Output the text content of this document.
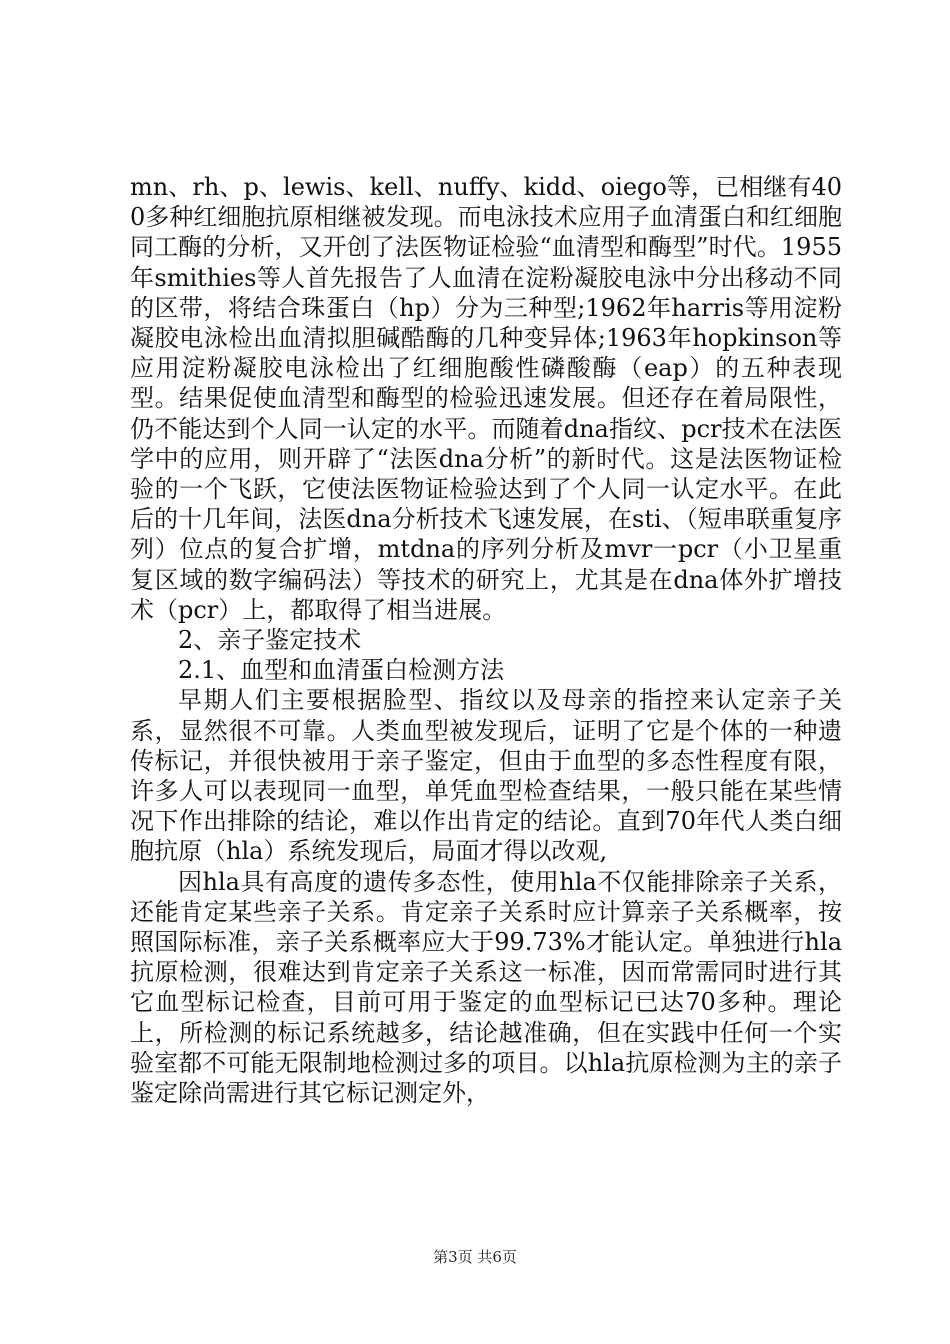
mn、rh、p、lewis、kell、nuffy、kidd、oiego等，已相继有400多种红细胞抗原相继被发现。而电泳技术应用子血清蛋白和红细胞同工酶的分析，又开创了法医物证检验“血清型和酶型”时代。1955年smithies等人首先报告了人血清在淀粉凝胶电泳中分出移动不同的区带，将结合珠蛋白（hp）分为三种型;1962年harris等用淀粉凝胶电泳检出血清拟胆碱酷酶的几种变异体;1963年hopkinson等应用淀粉凝胶电泳检出了红细胞酸性磷酸酶（eap）的五种表现型。结果促使血清型和酶型的检验迅速发展。但还存在着局限性，仍不能达到个人同一认定的水平。而随着dna指纹、pcr技术在法医学中的应用，则开辟了“法医dna分析”的新时代。这是法医物证检验的一个飞跃，它使法医物证检验达到了个人同一认定水平。在此后的十几年间，法医dna分析技术飞速发展，在sti、（短串联重复序列）位点的复合扩增，mtdna的序列分析及mvr一pcr（小卫星重复区域的数字编码法）等技术的研究上，尤其是在dna体外扩增技术（pcr）上，都取得了相当进展。

2、亲子鉴定技术

2.1、血型和血清蛋白检测方法

早期人们主要根据脸型、指纹以及母亲的指控来认定亲子关系，显然很不可靠。人类血型被发现后，证明了它是个体的一种遗传标记，并很快被用于亲子鉴定，但由于血型的多态性程度有限，许多人可以表现同一血型，单凭血型检查结果，一般只能在某些情况下作出排除的结论，难以作出肯定的结论。直到70年代人类白细胞抗原（hla）系统发现后，局面才得以改观,

因hla具有高度的遗传多态性，使用hla不仅能排除亲子关系，还能肯定某些亲子关系。肯定亲子关系时应计算亲子关系概率，按照国际标准，亲子关系概率应大于99.73%才能认定。单独进行hla抗原检测，很难达到肯定亲子关系这一标准，因而常需同时进行其它血型标记检查，目前可用于鉴定的血型标记已达70多种。理论上，所检测的标记系统越多，结论越准确，但在实践中任何一个实验室都不可能无限制地检测过多的项目。以hla抗原检测为主的亲子鉴定除尚需进行其它标记测定外，

第3页 共6页
